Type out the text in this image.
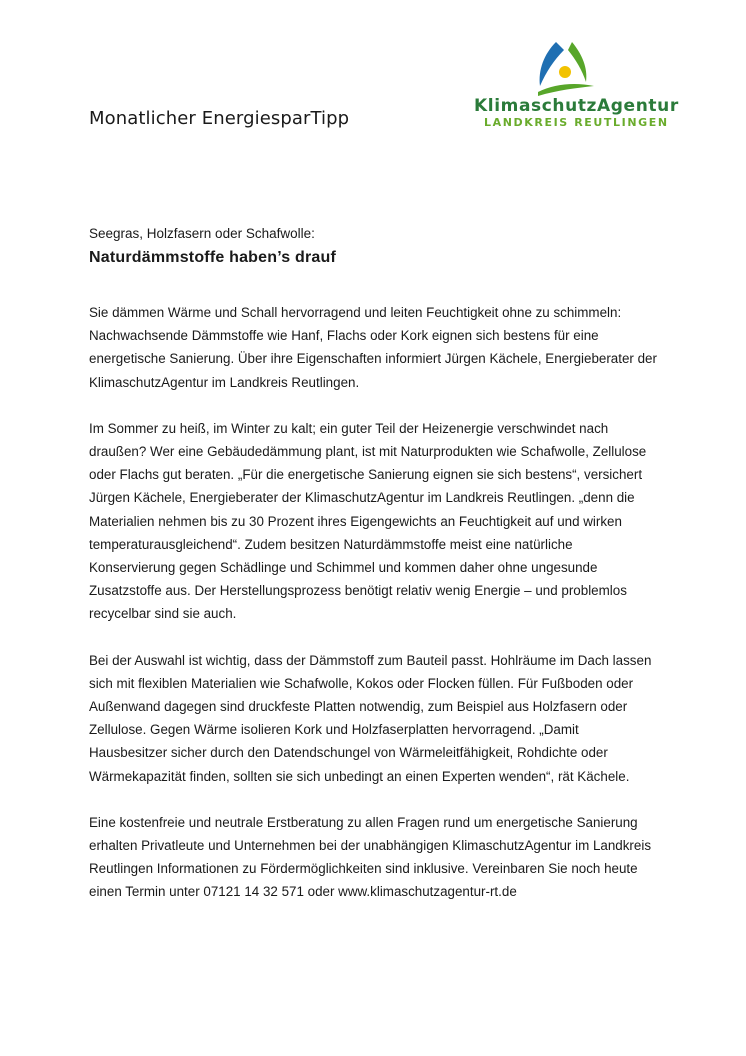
Monatlicher EnergiesparTipp
KlimaschutzAgentur
LANDKREIS REUTLINGEN
Seegras, Holzfasern oder Schafwolle:
Naturdämmstoffe haben’s drauf

Sie dämmen Wärme und Schall hervorragend und leiten Feuchtigkeit ohne zu schimmeln:
Nachwachsende Dämmstoffe wie Hanf, Flachs oder Kork eignen sich bestens für eine
energetische Sanierung. Über ihre Eigenschaften informiert Jürgen Kächele, Energieberater der
KlimaschutzAgentur im Landkreis Reutlingen.

Im Sommer zu heiß, im Winter zu kalt; ein guter Teil der Heizenergie verschwindet nach
draußen? Wer eine Gebäudedämmung plant, ist mit Naturprodukten wie Schafwolle, Zellulose
oder Flachs gut beraten. „Für die energetische Sanierung eignen sie sich bestens“, versichert
Jürgen Kächele, Energieberater der KlimaschutzAgentur im Landkreis Reutlingen. „denn die
Materialien nehmen bis zu 30 Prozent ihres Eigengewichts an Feuchtigkeit auf und wirken
temperaturausgleichend“. Zudem besitzen Naturdämmstoffe meist eine natürliche
Konservierung gegen Schädlinge und Schimmel und kommen daher ohne ungesunde
Zusatzstoffe aus. Der Herstellungsprozess benötigt relativ wenig Energie – und problemlos
recycelbar sind sie auch.

Bei der Auswahl ist wichtig, dass der Dämmstoff zum Bauteil passt. Hohlräume im Dach lassen
sich mit flexiblen Materialien wie Schafwolle, Kokos oder Flocken füllen. Für Fußboden oder
Außenwand dagegen sind druckfeste Platten notwendig, zum Beispiel aus Holzfasern oder
Zellulose. Gegen Wärme isolieren Kork und Holzfaserplatten hervorragend. „Damit
Hausbesitzer sicher durch den Datendschungel von Wärmeleitfähigkeit, Rohdichte oder
Wärmekapazität finden, sollten sie sich unbedingt an einen Experten wenden“, rät Kächele.

Eine kostenfreie und neutrale Erstberatung zu allen Fragen rund um energetische Sanierung
erhalten Privatleute und Unternehmen bei der unabhängigen KlimaschutzAgentur im Landkreis
Reutlingen Informationen zu Fördermöglichkeiten sind inklusive. Vereinbaren Sie noch heute
einen Termin unter 07121 14 32 571 oder www.klimaschutzagentur-rt.de
